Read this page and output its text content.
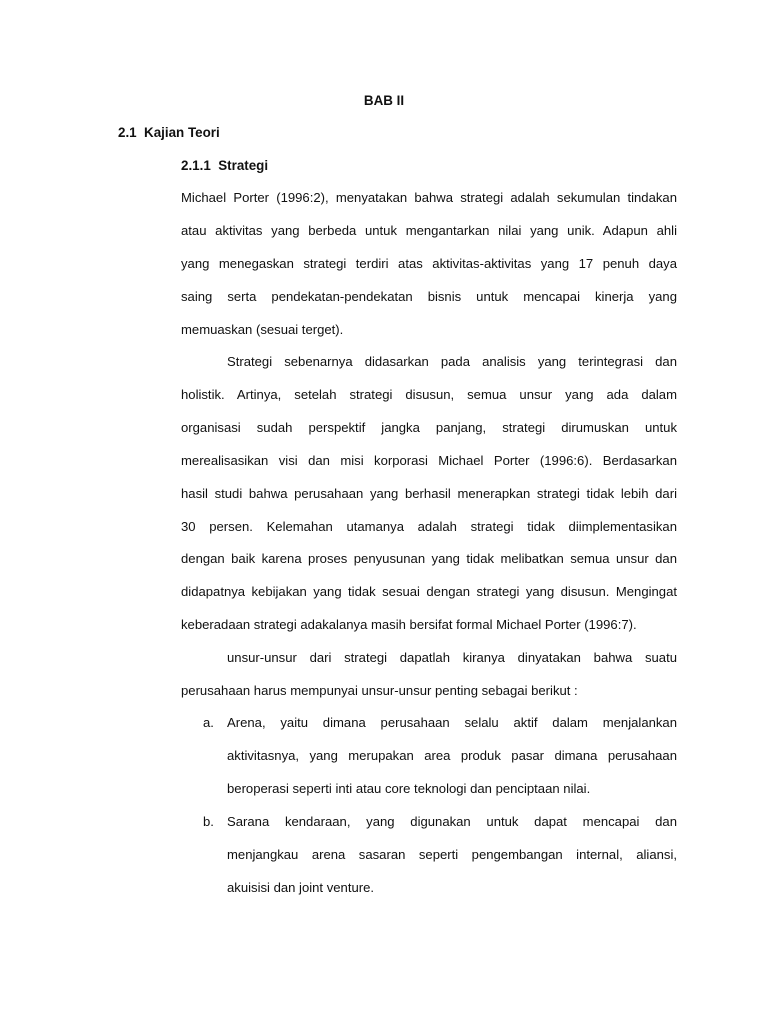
BAB II
2.1  Kajian Teori
2.1.1  Strategi
Michael Porter (1996:2), menyatakan bahwa strategi adalah sekumulan tindakan
atau aktivitas yang berbeda untuk mengantarkan nilai yang unik. Adapun ahli
yang menegaskan strategi terdiri atas aktivitas-aktivitas yang 17 penuh daya
saing serta pendekatan-pendekatan bisnis untuk mencapai kinerja yang
memuaskan (sesuai terget).
Strategi sebenarnya didasarkan pada analisis yang terintegrasi dan
holistik. Artinya, setelah strategi disusun, semua unsur yang ada dalam
organisasi sudah perspektif jangka panjang, strategi dirumuskan untuk
merealisasikan visi dan misi korporasi Michael Porter (1996:6). Berdasarkan
hasil studi bahwa perusahaan yang berhasil menerapkan strategi tidak lebih dari
30 persen. Kelemahan utamanya adalah strategi tidak diimplementasikan
dengan baik karena proses penyusunan yang tidak melibatkan semua unsur dan
didapatnya kebijakan yang tidak sesuai dengan strategi yang disusun. Mengingat
keberadaan strategi adakalanya masih bersifat formal Michael Porter (1996:7).
unsur-unsur dari strategi dapatlah kiranya dinyatakan bahwa suatu
perusahaan harus mempunyai unsur-unsur penting sebagai berikut :
a. Arena, yaitu dimana perusahaan selalu aktif dalam menjalankan
aktivitasnya, yang merupakan area produk pasar dimana perusahaan
beroperasi seperti inti atau core teknologi dan penciptaan nilai.
b. Sarana kendaraan, yang digunakan untuk dapat mencapai dan
menjangkau arena sasaran seperti pengembangan internal, aliansi,
akuisisi dan joint venture.
